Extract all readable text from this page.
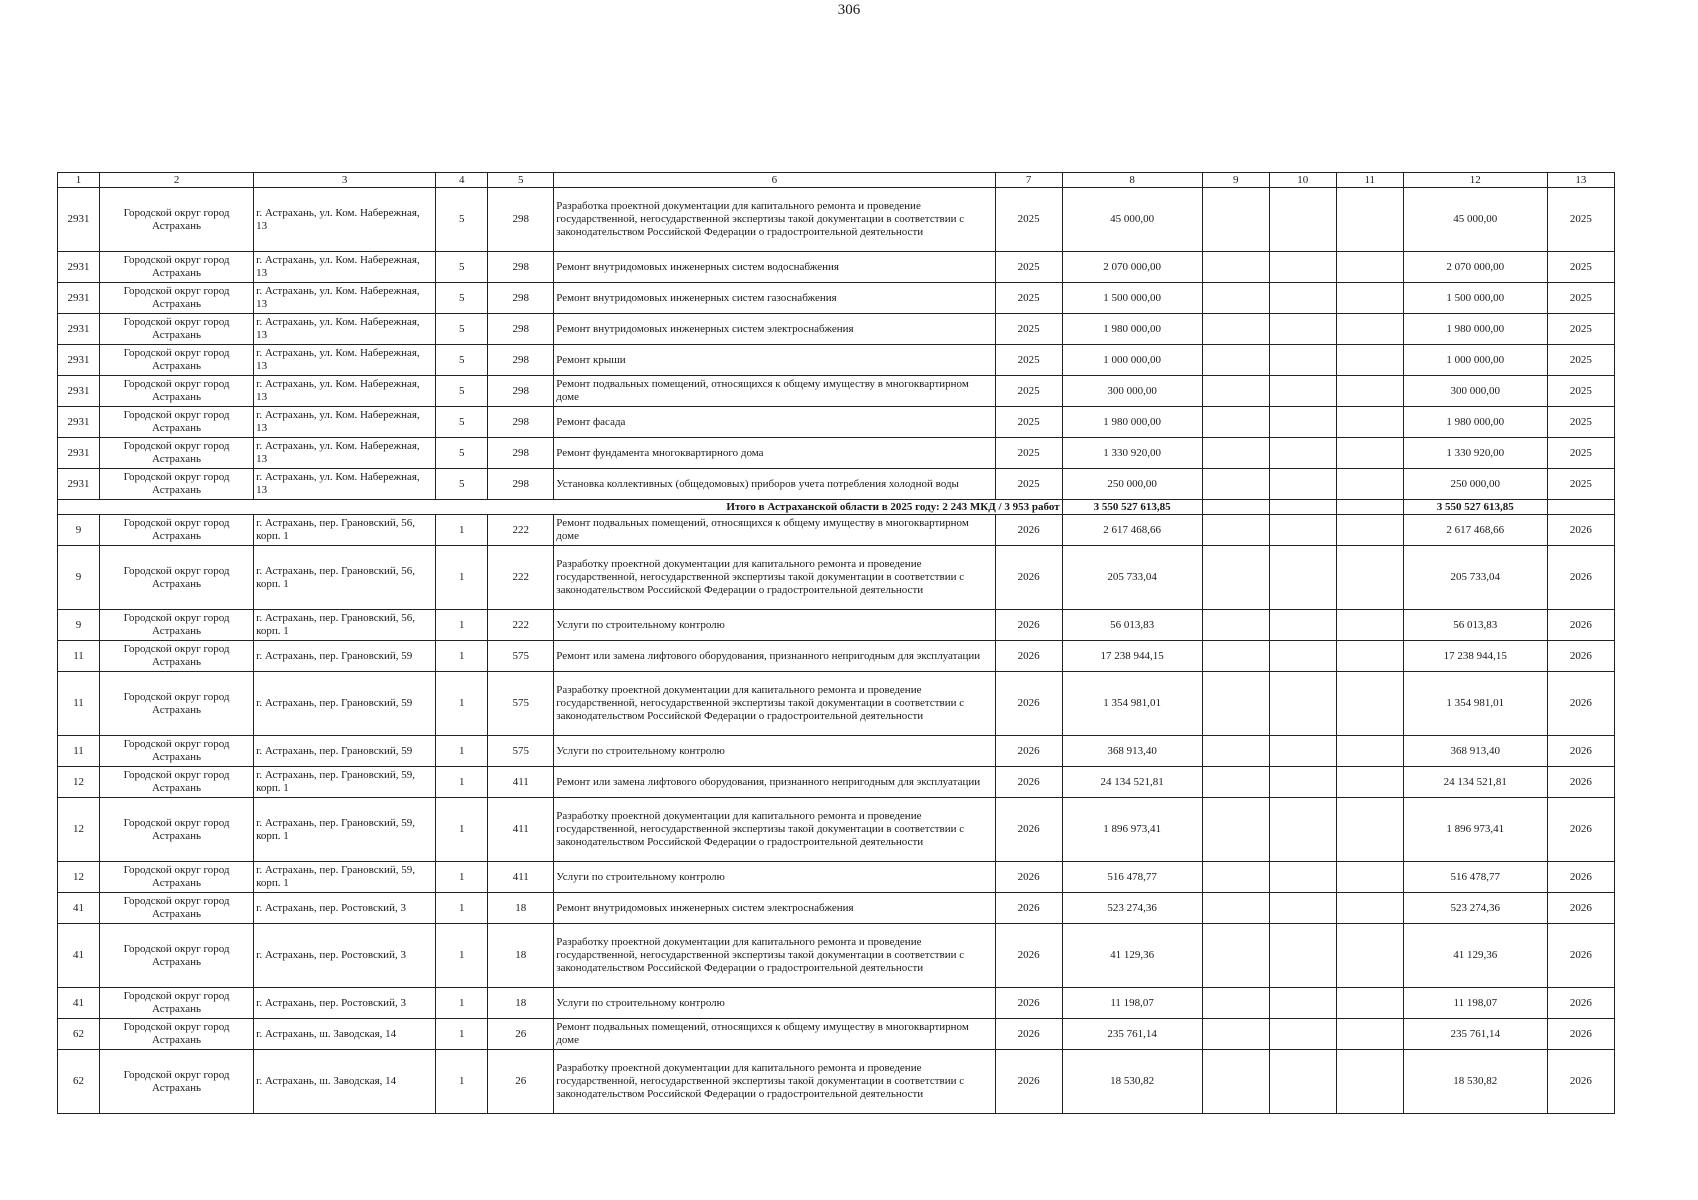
306
1	2	3	4	5	6	7	8	9	10	11	12	13
2931	Городской округ город Астрахань	г. Астрахань, ул. Ком. Набережная, 13	5	298	Разработка проектной документации для капитального ремонта и проведение государственной, негосударственной экспертизы такой документации в соответствии с законодательством Российской Федерации о градостроительной деятельности	2025	45 000,00				45 000,00	2025
2931	Городской округ город Астрахань	г. Астрахань, ул. Ком. Набережная, 13	5	298	Ремонт внутридомовых инженерных систем водоснабжения	2025	2 070 000,00				2 070 000,00	2025
2931	Городской округ город Астрахань	г. Астрахань, ул. Ком. Набережная, 13	5	298	Ремонт внутридомовых инженерных систем газоснабжения	2025	1 500 000,00				1 500 000,00	2025
2931	Городской округ город Астрахань	г. Астрахань, ул. Ком. Набережная, 13	5	298	Ремонт внутридомовых инженерных систем электроснабжения	2025	1 980 000,00				1 980 000,00	2025
2931	Городской округ город Астрахань	г. Астрахань, ул. Ком. Набережная, 13	5	298	Ремонт крыши	2025	1 000 000,00				1 000 000,00	2025
2931	Городской округ город Астрахань	г. Астрахань, ул. Ком. Набережная, 13	5	298	Ремонт подвальных помещений, относящихся к общему имуществу в многоквартирном доме	2025	300 000,00				300 000,00	2025
2931	Городской округ город Астрахань	г. Астрахань, ул. Ком. Набережная, 13	5	298	Ремонт фасада	2025	1 980 000,00				1 980 000,00	2025
2931	Городской округ город Астрахань	г. Астрахань, ул. Ком. Набережная, 13	5	298	Ремонт фундамента многоквартирного дома	2025	1 330 920,00				1 330 920,00	2025
2931	Городской округ город Астрахань	г. Астрахань, ул. Ком. Набережная, 13	5	298	Установка коллективных (общедомовых) приборов учета потребления холодной воды	2025	250 000,00				250 000,00	2025
Итого в Астраханской области в 2025 году: 2 243 МКД / 3 953 работ							3 550 527 613,85				3 550 527 613,85	
9	Городской округ город Астрахань	г. Астрахань, пер. Грановский, 56, корп. 1	1	222	Ремонт подвальных помещений, относящихся к общему имуществу в многоквартирном доме	2026	2 617 468,66				2 617 468,66	2026
9	Городской округ город Астрахань	г. Астрахань, пер. Грановский, 56, корп. 1	1	222	Разработку проектной документации для капитального ремонта и проведение государственной, негосударственной экспертизы такой документации в соответствии с законодательством Российской Федерации о градостроительной деятельности	2026	205 733,04				205 733,04	2026
9	Городской округ город Астрахань	г. Астрахань, пер. Грановский, 56, корп. 1	1	222	Услуги по строительному контролю	2026	56 013,83				56 013,83	2026
11	Городской округ город Астрахань	г. Астрахань, пер. Грановский, 59	1	575	Ремонт или замена лифтового оборудования, признанного непригодным для эксплуатации	2026	17 238 944,15				17 238 944,15	2026
11	Городской округ город Астрахань	г. Астрахань, пер. Грановский, 59	1	575	Разработку проектной документации для капитального ремонта и проведение государственной, негосударственной экспертизы такой документации в соответствии с законодательством Российской Федерации о градостроительной деятельности	2026	1 354 981,01				1 354 981,01	2026
11	Городской округ город Астрахань	г. Астрахань, пер. Грановский, 59	1	575	Услуги по строительному контролю	2026	368 913,40				368 913,40	2026
12	Городской округ город Астрахань	г. Астрахань, пер. Грановский, 59, корп. 1	1	411	Ремонт или замена лифтового оборудования, признанного непригодным для эксплуатации	2026	24 134 521,81				24 134 521,81	2026
12	Городской округ город Астрахань	г. Астрахань, пер. Грановский, 59, корп. 1	1	411	Разработку проектной документации для капитального ремонта и проведение государственной, негосударственной экспертизы такой документации в соответствии с законодательством Российской Федерации о градостроительной деятельности	2026	1 896 973,41				1 896 973,41	2026
12	Городской округ город Астрахань	г. Астрахань, пер. Грановский, 59, корп. 1	1	411	Услуги по строительному контролю	2026	516 478,77				516 478,77	2026
41	Городской округ город Астрахань	г. Астрахань, пер. Ростовский, 3	1	18	Ремонт внутридомовых инженерных систем электроснабжения	2026	523 274,36				523 274,36	2026
41	Городской округ город Астрахань	г. Астрахань, пер. Ростовский, 3	1	18	Разработку проектной документации для капитального ремонта и проведение государственной, негосударственной экспертизы такой документации в соответствии с законодательством Российской Федерации о градостроительной деятельности	2026	41 129,36				41 129,36	2026
41	Городской округ город Астрахань	г. Астрахань, пер. Ростовский, 3	1	18	Услуги по строительному контролю	2026	11 198,07				11 198,07	2026
62	Городской округ город Астрахань	г. Астрахань, ш. Заводская, 14	1	26	Ремонт подвальных помещений, относящихся к общему имуществу в многоквартирном доме	2026	235 761,14				235 761,14	2026
62	Городской округ город Астрахань	г. Астрахань, ш. Заводская, 14	1	26	Разработку проектной документации для капитального ремонта и проведение государственной, негосударственной экспертизы такой документации в соответствии с законодательством Российской Федерации о градостроительной деятельности	2026	18 530,82				18 530,82	2026
